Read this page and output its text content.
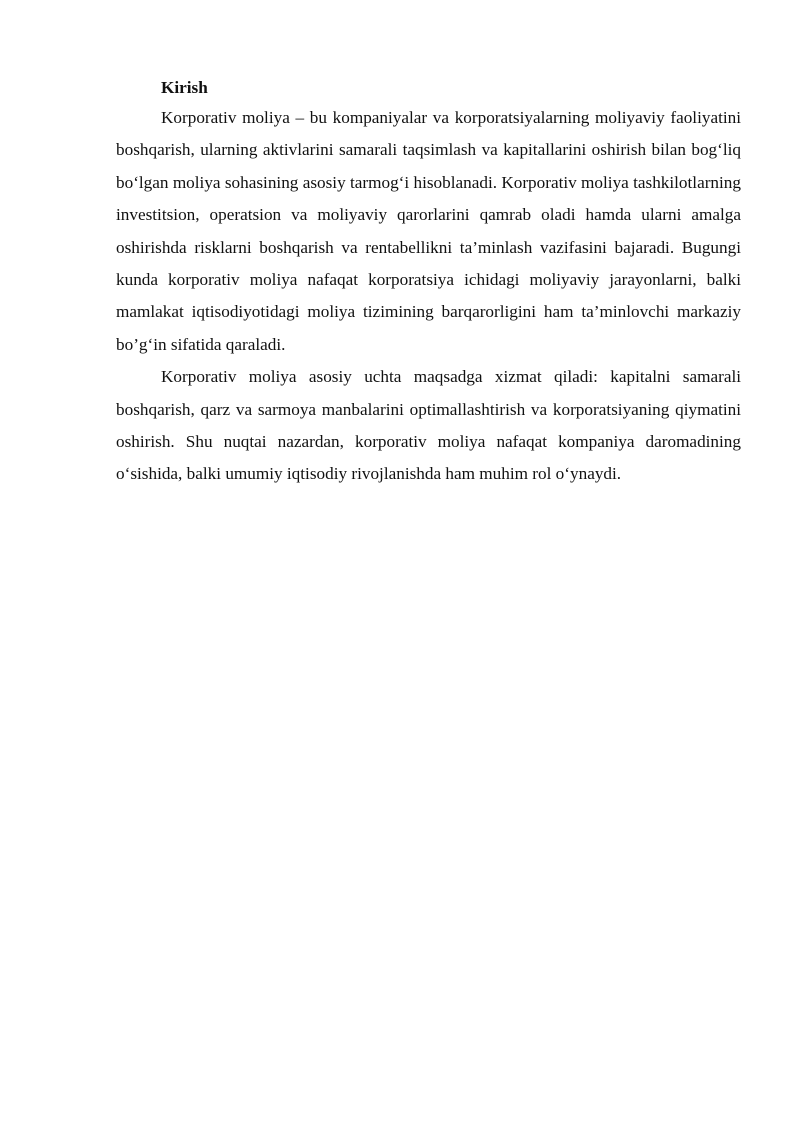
Kirish

Korporativ moliya – bu kompaniyalar va korporatsiyalarning moliyaviy faoliyatini boshqarish, ularning aktivlarini samarali taqsimlash va kapitallarini oshirish bilan bog‘liq bo‘lgan moliya sohasining asosiy tarmog‘i hisoblanadi. Korporativ moliya tashkilotlarning investitsion, operatsion va moliyaviy qarorlarini qamrab oladi hamda ularni amalga oshirishda risklarni boshqarish va rentabellikni ta’minlash vazifasini bajaradi. Bugungi kunda korporativ moliya nafaqat korporatsiya ichidagi moliyaviy jarayonlarni, balki mamlakat iqtisodiyotidagi moliya tizimining barqarorligini ham ta’minlovchi markaziy bo’g‘in sifatida qaraladi.

Korporativ moliya asosiy uchta maqsadga xizmat qiladi: kapitalni samarali boshqarish, qarz va sarmoya manbalarini optimallashtirish va korporatsiyaning qiymatini oshirish. Shu nuqtai nazardan, korporativ moliya nafaqat kompaniya daromadining o‘sishida, balki umumiy iqtisodiy rivojlanishda ham muhim rol o‘ynaydi.
